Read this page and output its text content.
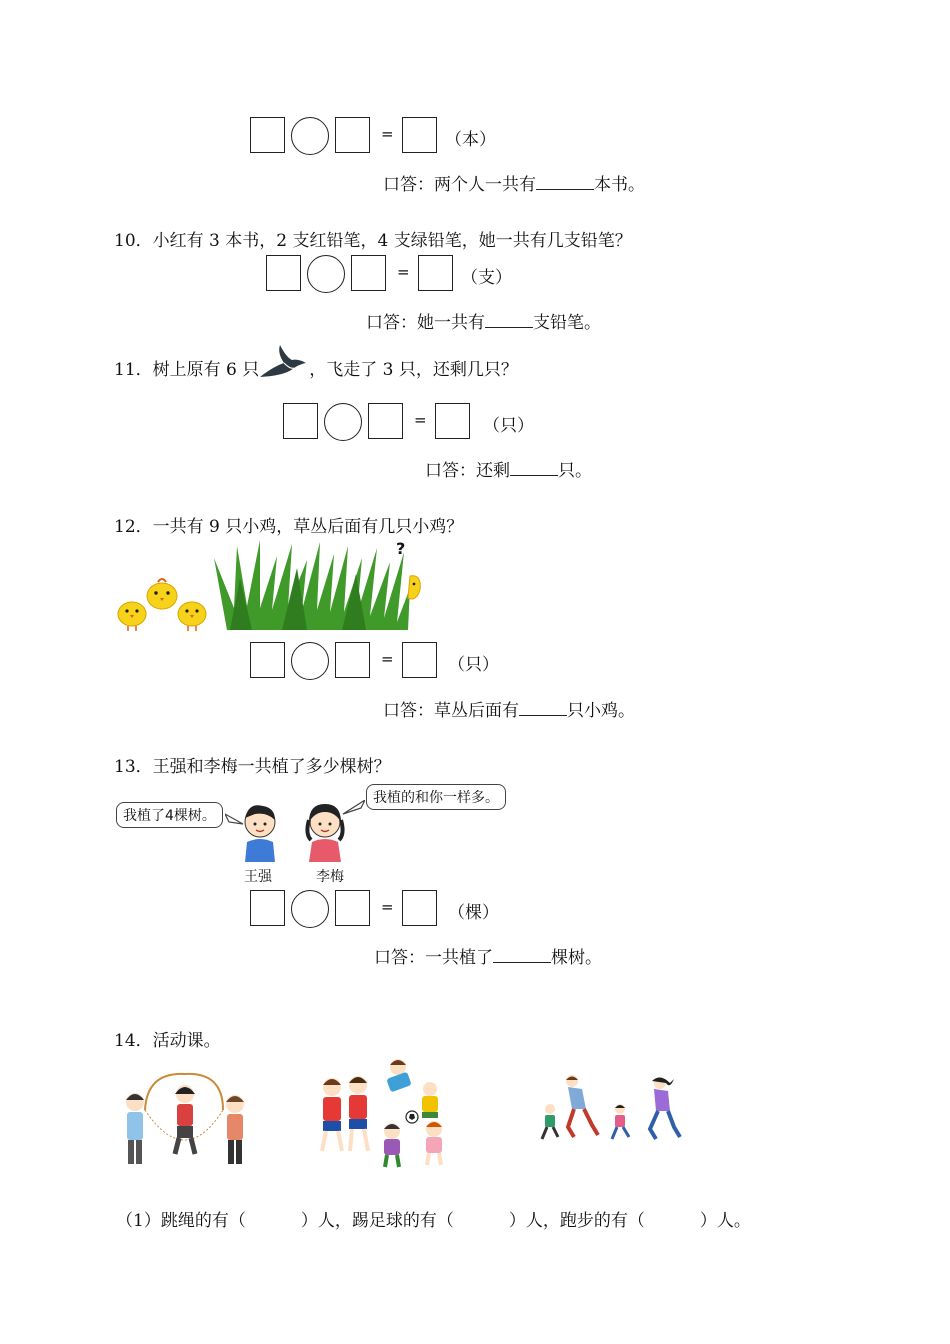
=	（本）
口答：两个人一共有	本书。
10．小红有 3 本书，2 支红铅笔，4 支绿铅笔，她一共有几支铅笔？
=	（支）
口答：她一共有	支铅笔。
11．树上原有 6 只	，飞走了 3 只，还剩几只？
=	（只）
口答：还剩	只。
12．一共有 9 只小鸡，草丛后面有几只小鸡？
?
=	（只）
口答：草丛后面有	只小鸡。
13．王强和李梅一共植了多少棵树？
我植了4棵树。
我植的和你一样多。
王强	李梅
=	（棵）
口答：一共植了	棵树。
14．活动课。
（1）跳绳的有（	）人，踢足球的有（	）人，跑步的有（	）人。
